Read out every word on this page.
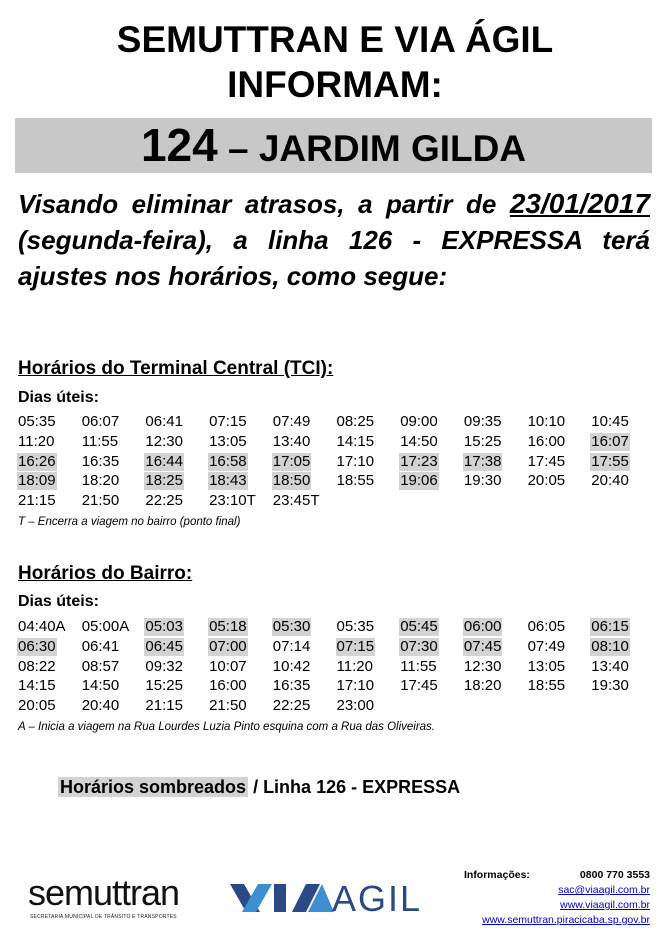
SEMUTTRAN E VIA ÁGIL
INFORMAM:
124 – JARDIM GILDA
Visando eliminar atrasos, a partir de 23/01/2017 (segunda-feira), a linha 126 - EXPRESSA terá ajustes nos horários, como segue:
Horários do Terminal Central (TCI):
Dias úteis:
05:35 06:07 06:41 07:15 07:49 08:25 09:00 09:35 10:10 10:45
11:20 11:55 12:30 13:05 13:40 14:15 14:50 15:25 16:00 16:07
16:26 16:35 16:44 16:58 17:05 17:10 17:23 17:38 17:45 17:55
18:09 18:20 18:25 18:43 18:50 18:55 19:06 19:30 20:05 20:40
21:15 21:50 22:25 23:10T 23:45T
T – Encerra a viagem no bairro (ponto final)
Horários do Bairro:
Dias úteis:
04:40A 05:00A 05:03 05:18 05:30 05:35 05:45 06:00 06:05 06:15
06:30 06:41 06:45 07:00 07:14 07:15 07:30 07:45 07:49 08:10
08:22 08:57 09:32 10:07 10:42 11:20 11:55 12:30 13:05 13:40
14:15 14:50 15:25 16:00 16:35 17:10 17:45 18:20 18:55 19:30
20:05 20:40 21:15 21:50 22:25 23:00
A – Inicia a viagem na Rua Lourdes Luzia Pinto esquina com a Rua das Oliveiras.
Horários sombreados / Linha 126 - EXPRESSA
semuttran
SECRETARIA MUNICIPAL DE TRÂNSITO E TRANSPORTES	AGIL
Informações:	0800 770 3553
sac@viaagil.com.br
www.viaagil.com.br
www.semuttran.piracicaba.sp.gov.br
